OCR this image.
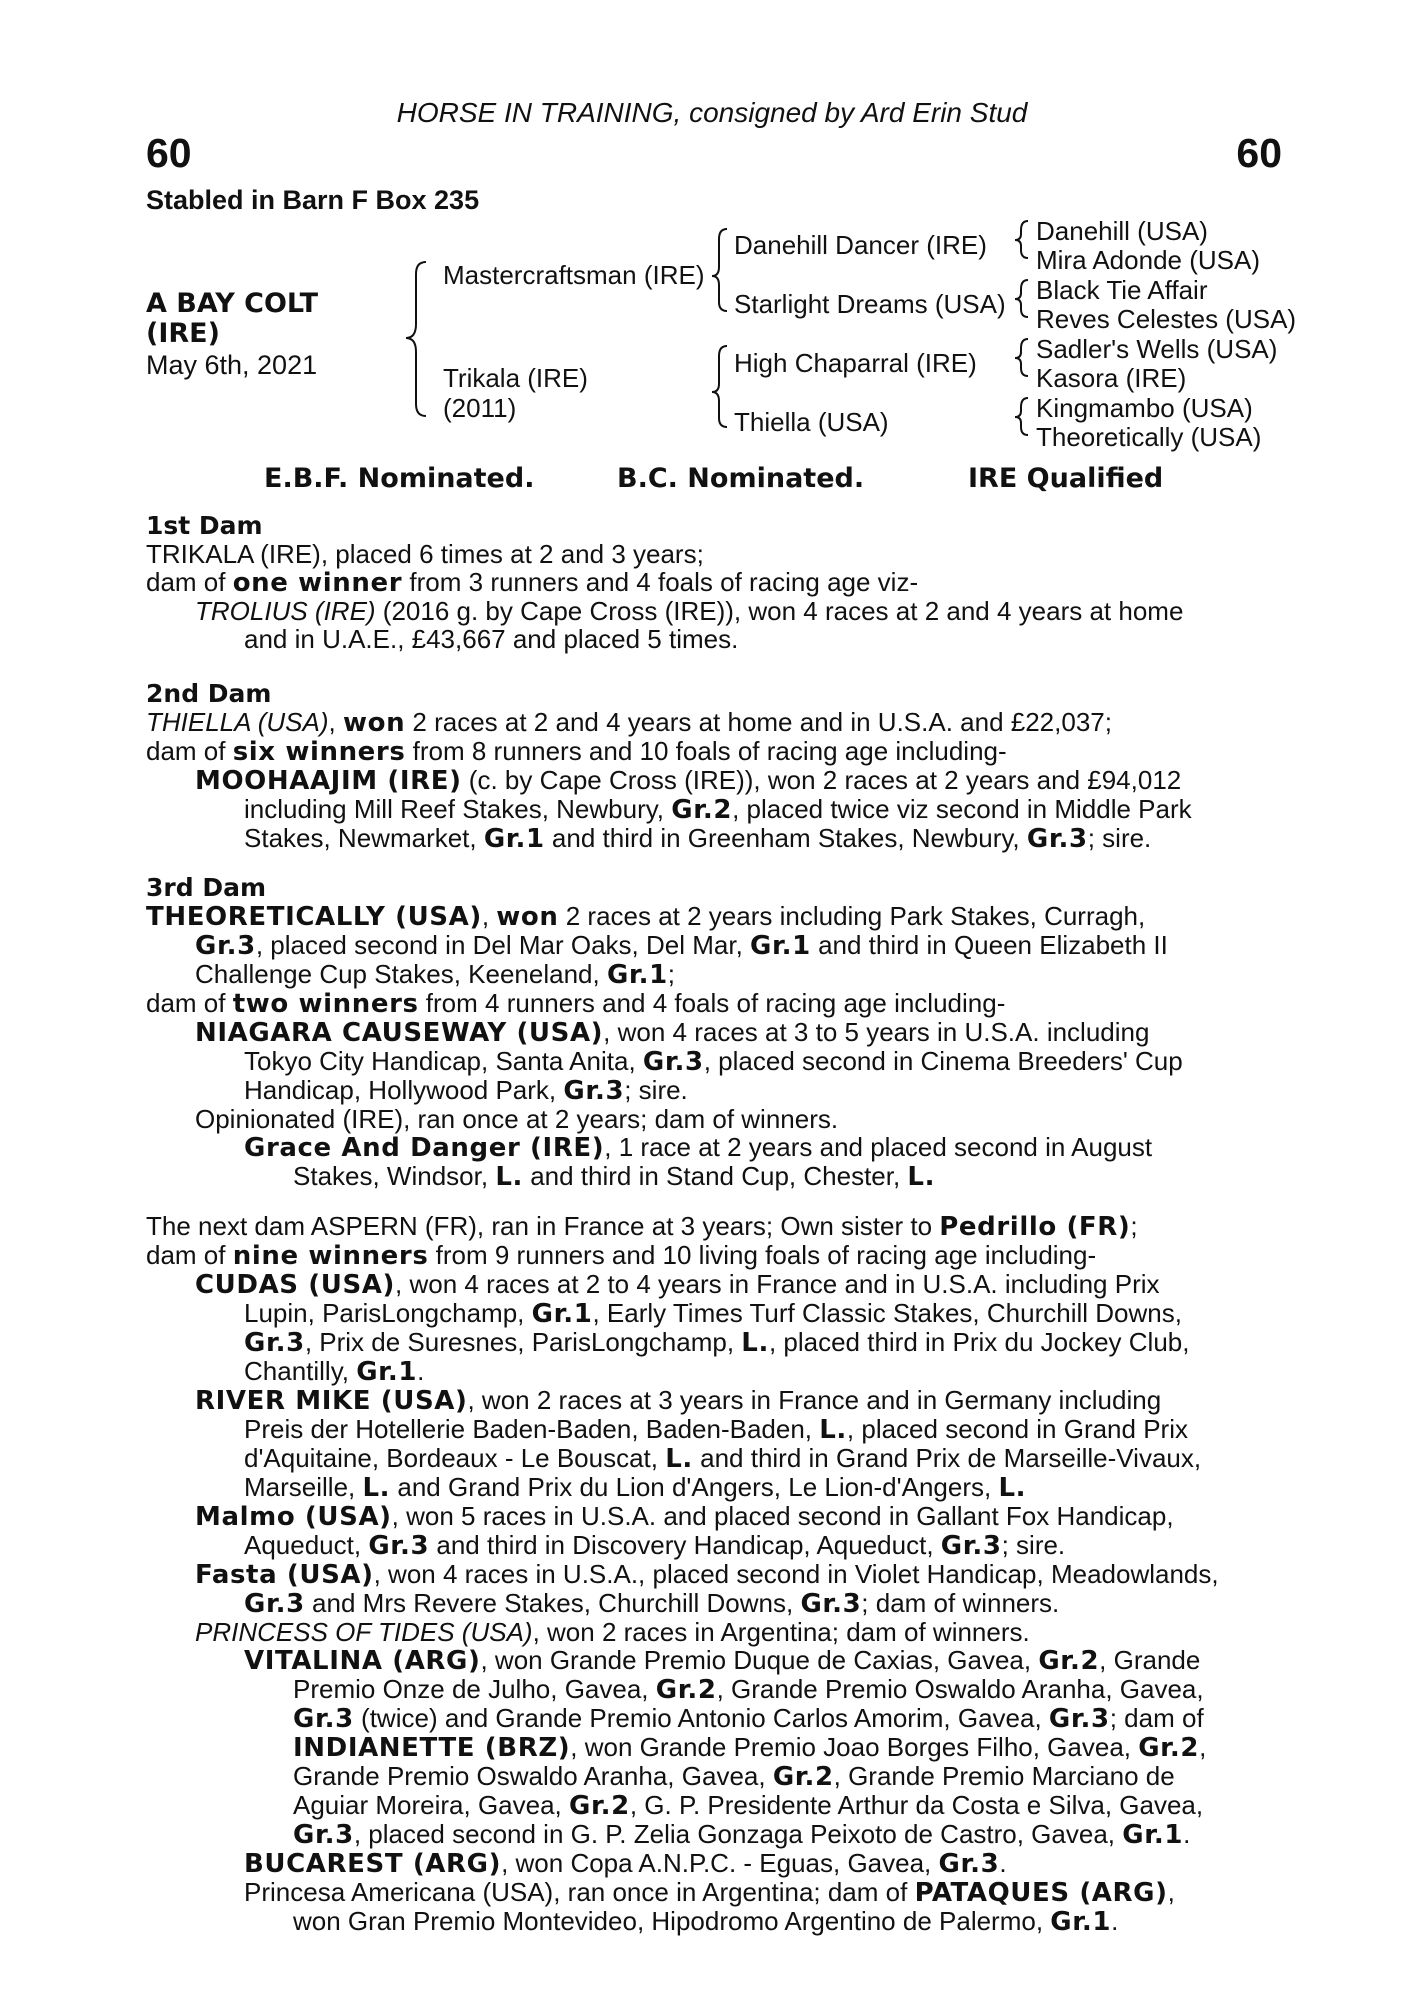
HORSE IN TRAINING, consigned by Ard Erin Stud
60	60
Stabled in Barn F Box 235
A BAY COLT
(IRE)
May 6th, 2021
Mastercraftsman (IRE)
Trikala (IRE)
(2011)
Danehill Dancer (IRE)
Starlight Dreams (USA)
High Chaparral (IRE)
Thiella (USA)
Danehill (USA)
Mira Adonde (USA)
Black Tie Affair
Reves Celestes (USA)
Sadler's Wells (USA)
Kasora (IRE)
Kingmambo (USA)
Theoretically (USA)
E.B.F. Nominated.	B.C. Nominated.	IRE Qualified

1st Dam

TRIKALA (IRE), placed 6 times at 2 and 3 years;

dam of one winner from 3 runners and 4 foals of racing age viz-

TROLIUS (IRE) (2016 g. by Cape Cross (IRE)), won 4 races at 2 and 4 years at home

and in U.A.E., £43,667 and placed 5 times.

2nd Dam

THIELLA (USA), won 2 races at 2 and 4 years at home and in U.S.A. and £22,037;

dam of six winners from 8 runners and 10 foals of racing age including-

MOOHAAJIM (IRE) (c. by Cape Cross (IRE)), won 2 races at 2 years and £94,012

including Mill Reef Stakes, Newbury, Gr.2, placed twice viz second in Middle Park

Stakes, Newmarket, Gr.1 and third in Greenham Stakes, Newbury, Gr.3; sire.

3rd Dam

THEORETICALLY (USA), won 2 races at 2 years including Park Stakes, Curragh,

Gr.3, placed second in Del Mar Oaks, Del Mar, Gr.1 and third in Queen Elizabeth II

Challenge Cup Stakes, Keeneland, Gr.1;

dam of two winners from 4 runners and 4 foals of racing age including-

NIAGARA CAUSEWAY (USA), won 4 races at 3 to 5 years in U.S.A. including

Tokyo City Handicap, Santa Anita, Gr.3, placed second in Cinema Breeders' Cup

Handicap, Hollywood Park, Gr.3; sire.

Opinionated (IRE), ran once at 2 years; dam of winners.

Grace And Danger (IRE), 1 race at 2 years and placed second in August

Stakes, Windsor, L. and third in Stand Cup, Chester, L.

The next dam ASPERN (FR), ran in France at 3 years; Own sister to Pedrillo (FR);

dam of nine winners from 9 runners and 10 living foals of racing age including-

CUDAS (USA), won 4 races at 2 to 4 years in France and in U.S.A. including Prix

Lupin, ParisLongchamp, Gr.1, Early Times Turf Classic Stakes, Churchill Downs,

Gr.3, Prix de Suresnes, ParisLongchamp, L., placed third in Prix du Jockey Club,

Chantilly, Gr.1.

RIVER MIKE (USA), won 2 races at 3 years in France and in Germany including

Preis der Hotellerie Baden-Baden, Baden-Baden, L., placed second in Grand Prix

d'Aquitaine, Bordeaux - Le Bouscat, L. and third in Grand Prix de Marseille-Vivaux,

Marseille, L. and Grand Prix du Lion d'Angers, Le Lion-d'Angers, L.

Malmo (USA), won 5 races in U.S.A. and placed second in Gallant Fox Handicap,

Aqueduct, Gr.3 and third in Discovery Handicap, Aqueduct, Gr.3; sire.

Fasta (USA), won 4 races in U.S.A., placed second in Violet Handicap, Meadowlands,

Gr.3 and Mrs Revere Stakes, Churchill Downs, Gr.3; dam of winners.

PRINCESS OF TIDES (USA), won 2 races in Argentina; dam of winners.

VITALINA (ARG), won Grande Premio Duque de Caxias, Gavea, Gr.2, Grande

Premio Onze de Julho, Gavea, Gr.2, Grande Premio Oswaldo Aranha, Gavea,

Gr.3 (twice) and Grande Premio Antonio Carlos Amorim, Gavea, Gr.3; dam of

INDIANETTE (BRZ), won Grande Premio Joao Borges Filho, Gavea, Gr.2,

Grande Premio Oswaldo Aranha, Gavea, Gr.2, Grande Premio Marciano de

Aguiar Moreira, Gavea, Gr.2, G. P. Presidente Arthur da Costa e Silva, Gavea,

Gr.3, placed second in G. P. Zelia Gonzaga Peixoto de Castro, Gavea, Gr.1.

BUCAREST (ARG), won Copa A.N.P.C. - Eguas, Gavea, Gr.3.

Princesa Americana (USA), ran once in Argentina; dam of PATAQUES (ARG),

won Gran Premio Montevideo, Hipodromo Argentino de Palermo, Gr.1.
